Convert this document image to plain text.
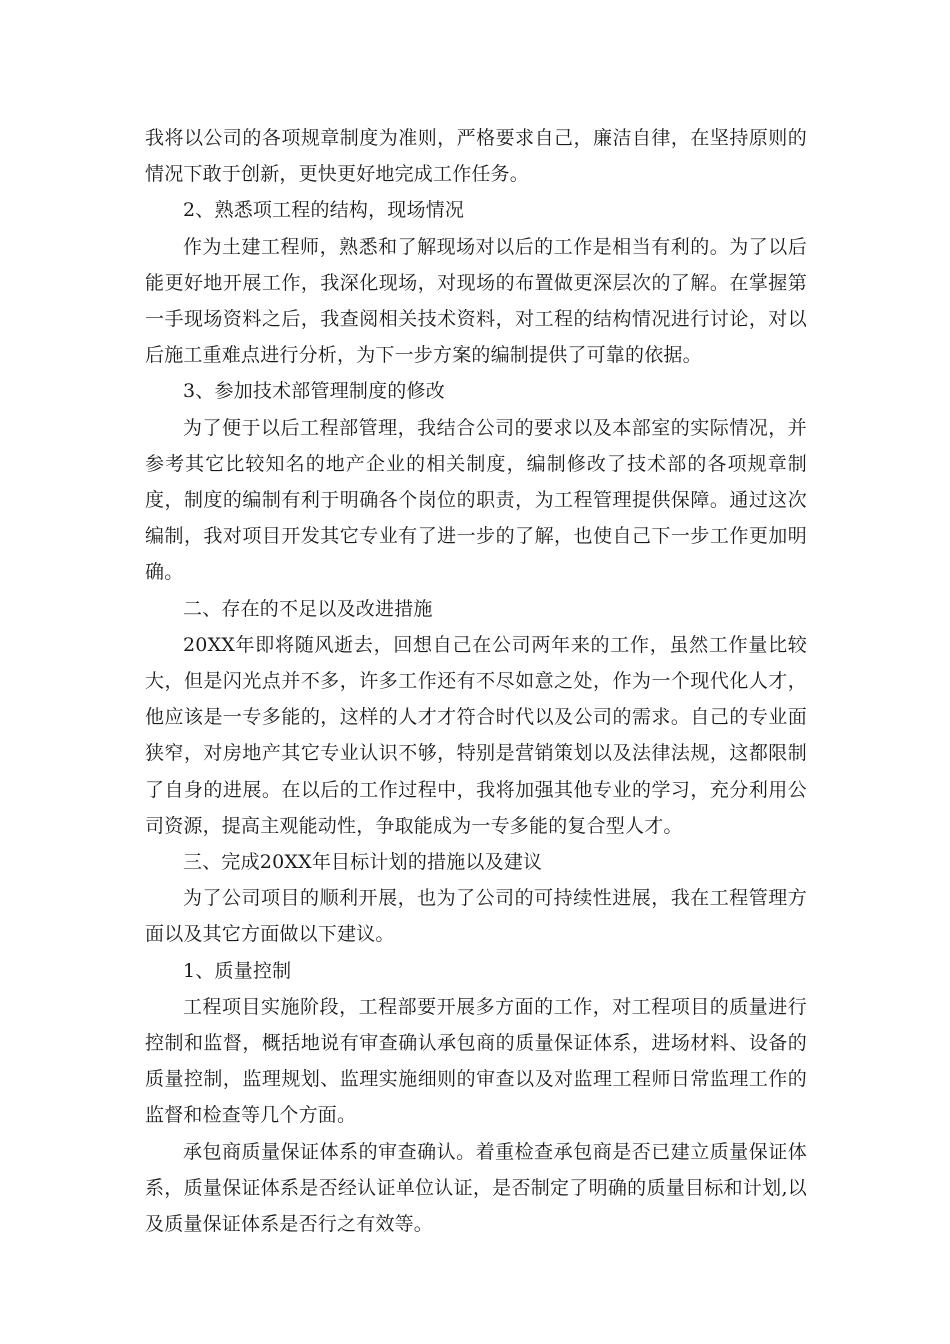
我将以公司的各项规章制度为准则，严格要求自己，廉洁自律，在坚持原则的情况下敢于创新，更快更好地完成工作任务。

2、熟悉项工程的结构，现场情况

作为土建工程师，熟悉和了解现场对以后的工作是相当有利的。为了以后能更好地开展工作，我深化现场，对现场的布置做更深层次的了解。在掌握第一手现场资料之后，我查阅相关技术资料，对工程的结构情况进行讨论，对以后施工重难点进行分析，为下一步方案的编制提供了可靠的依据。

3、参加技术部管理制度的修改

为了便于以后工程部管理，我结合公司的要求以及本部室的实际情况，并参考其它比较知名的地产企业的相关制度，编制修改了技术部的各项规章制度，制度的编制有利于明确各个岗位的职责，为工程管理提供保障。通过这次编制，我对项目开发其它专业有了进一步的了解，也使自己下一步工作更加明确。

二、存在的不足以及改进措施

20XX年即将随风逝去，回想自己在公司两年来的工作，虽然工作量比较大，但是闪光点并不多，许多工作还有不尽如意之处，作为一个现代化人才，他应该是一专多能的，这样的人才才符合时代以及公司的需求。自己的专业面狭窄，对房地产其它专业认识不够，特别是营销策划以及法律法规，这都限制了自身的进展。在以后的工作过程中，我将加强其他专业的学习，充分利用公司资源，提高主观能动性，争取能成为一专多能的复合型人才。

三、完成20XX年目标计划的措施以及建议

为了公司项目的顺利开展，也为了公司的可持续性进展，我在工程管理方面以及其它方面做以下建议。

1、质量控制

工程项目实施阶段，工程部要开展多方面的工作，对工程项目的质量进行控制和监督，概括地说有审查确认承包商的质量保证体系，进场材料、设备的质量控制，监理规划、监理实施细则的审查以及对监理工程师日常监理工作的监督和检查等几个方面。

承包商质量保证体系的审查确认。着重检查承包商是否已建立质量保证体系，质量保证体系是否经认证单位认证，是否制定了明确的质量目标和计划,以及质量保证体系是否行之有效等。
